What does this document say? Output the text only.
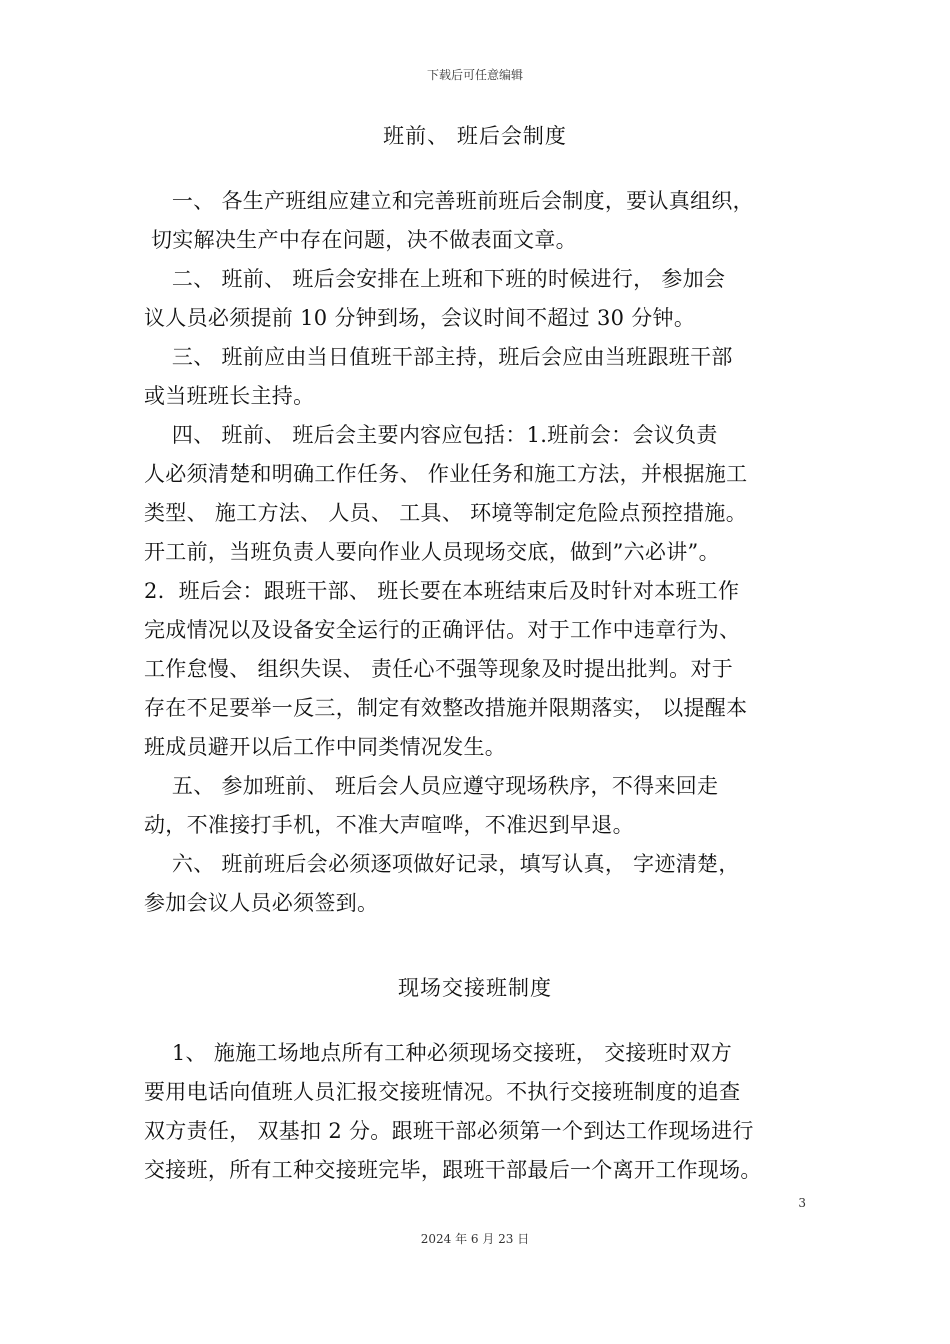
下载后可任意编辑
班前、 班后会制度
一、 各生产班组应建立和完善班前班后会制度，要认真组织，
切实解决生产中存在问题，决不做表面文章。
二、 班前、 班后会安排在上班和下班的时候进行， 参加会
议人员必须提前 10 分钟到场，会议时间不超过 30 分钟。
三、 班前应由当日值班干部主持，班后会应由当班跟班干部
或当班班长主持。
四、 班前、 班后会主要内容应包括：1.班前会：会议负责
人必须清楚和明确工作任务、 作业任务和施工方法，并根据施工
类型、 施工方法、 人员、 工具、 环境等制定危险点预控措施。
开工前，当班负责人要向作业人员现场交底，做到”六必讲”。
2.  班后会：跟班干部、 班长要在本班结束后及时针对本班工作
完成情况以及设备安全运行的正确评估。对于工作中违章行为、
工作怠慢、 组织失误、 责任心不强等现象及时提出批判。对于
存在不足要举一反三，制定有效整改措施并限期落实， 以提醒本
班成员避开以后工作中同类情况发生。
五、 参加班前、 班后会人员应遵守现场秩序，不得来回走
动，不准接打手机，不准大声喧哗，不准迟到早退。
六、 班前班后会必须逐项做好记录，填写认真， 字迹清楚，
参加会议人员必须签到。
现场交接班制度
1、 施施工场地点所有工种必须现场交接班， 交接班时双方
要用电话向值班人员汇报交接班情况。不执行交接班制度的追查
双方责任， 双基扣 2 分。跟班干部必须第一个到达工作现场进行
交接班，所有工种交接班完毕，跟班干部最后一个离开工作现场。
3
2024 年 6 月 23 日
